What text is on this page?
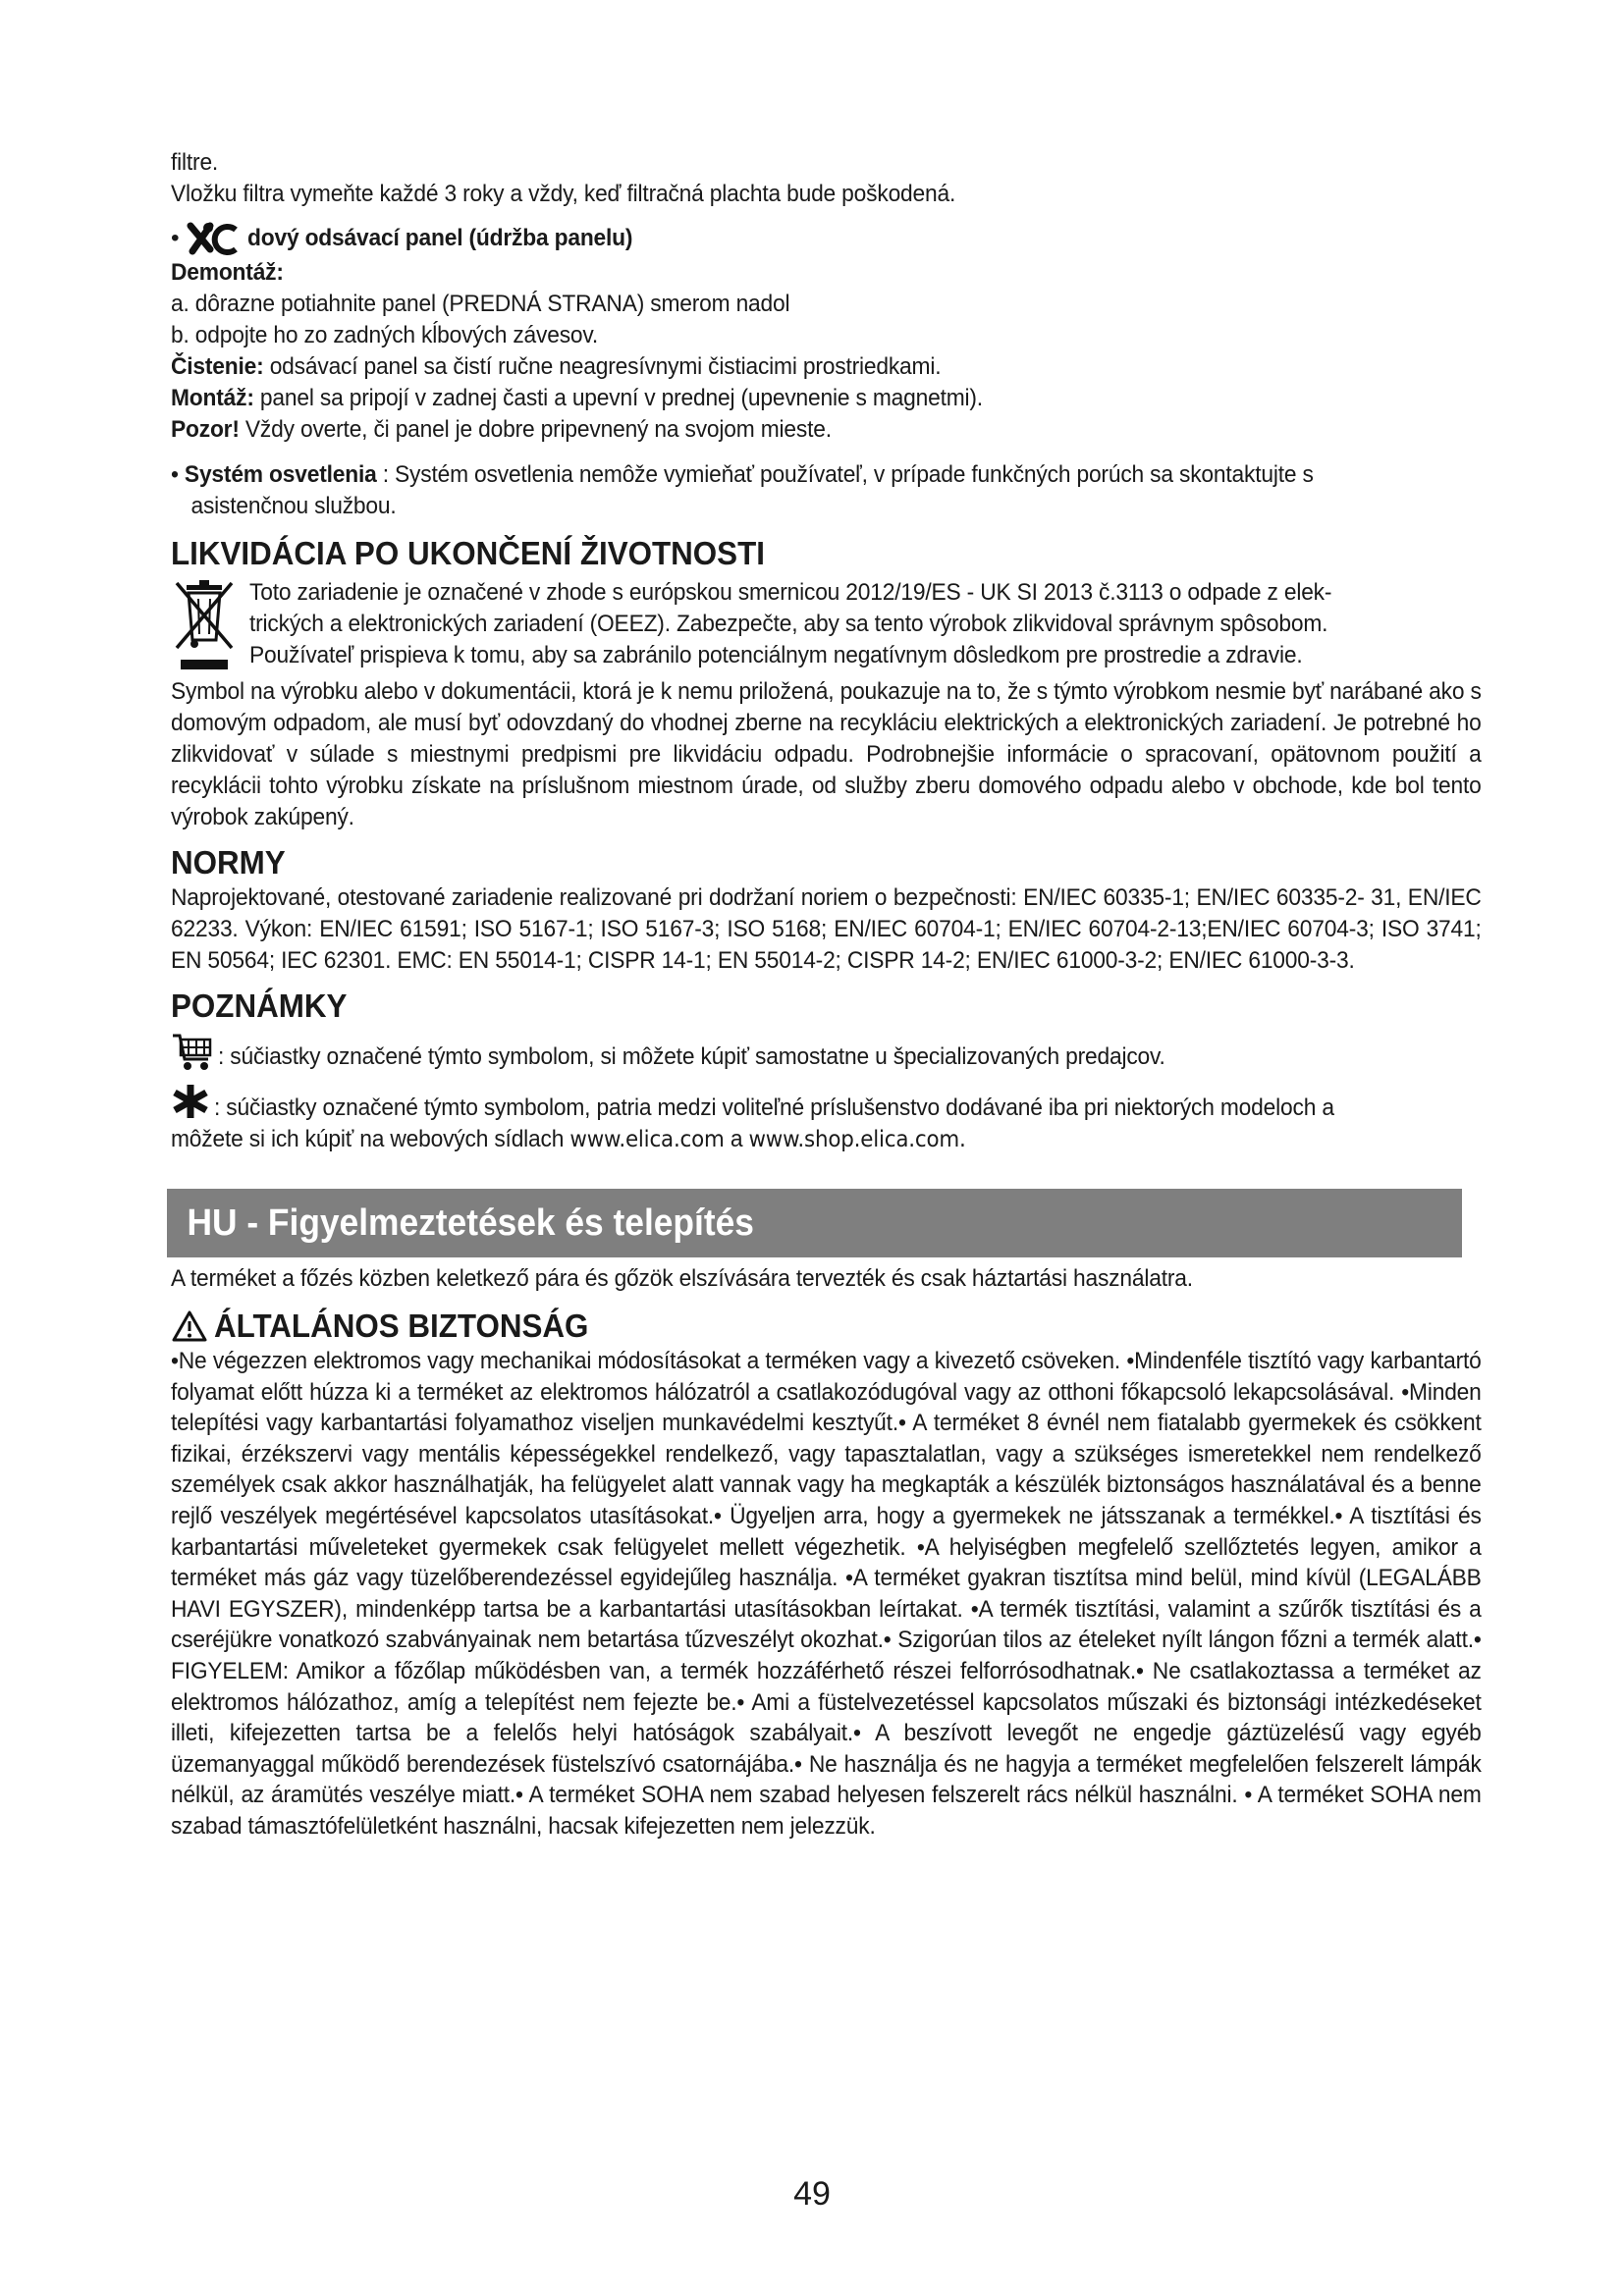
filtre.

Vložku filtra vymeňte každé 3 roky a vždy, keď filtračná plachta bude poškodená.

•	dový odsávací panel (údržba panelu)

Demontáž:

a. dôrazne potiahnite panel (PREDNÁ STRANA) smerom nadol

b. odpojte ho zo zadných kĺbových závesov.

Čistenie: odsávací panel sa čistí ručne neagresívnymi čistiacimi prostriedkami.

Montáž: panel sa pripojí v zadnej časti a upevní v prednej (upevnenie s magnetmi).

Pozor! Vždy overte, či panel je dobre pripevnený na svojom mieste.

• Systém osvetlenia : Systém osvetlenia nemôže vymieňať používateľ, v prípade funkčných porúch sa skontaktujte s

asistenčnou službou.

LIKVIDÁCIA PO UKONČENÍ ŽIVOTNOSTI

Toto zariadenie je označené v zhode s európskou smernicou 2012/19/ES - UK SI 2013 č.3113 o odpade z elek-

trických a elektronických zariadení (OEEZ). Zabezpečte, aby sa tento výrobok zlikvidoval správnym spôsobom.

Používateľ prispieva k tomu, aby sa zabránilo potenciálnym negatívnym dôsledkom pre prostredie a zdravie.

Symbol na výrobku alebo v dokumentácii, ktorá je k nemu priložená, poukazuje na to, že s týmto výrobkom nesmie byť narábané ako s domovým odpadom, ale musí byť odovzdaný do vhodnej zberne na recykláciu elektrických a elektronických zariadení. Je potrebné ho zlikvidovať v súlade s miestnymi predpismi pre likvidáciu odpadu. Podrobnejšie informácie o spracovaní, opätovnom použití a recyklácii tohto výrobku získate na príslušnom miestnom úrade, od služby zberu domového odpadu alebo v obchode, kde bol tento výrobok zakúpený.

NORMY

Naprojektované, otestované zariadenie realizované pri dodržaní noriem o bezpečnosti: EN/IEC 60335-1; EN/IEC 60335-2- 31, EN/IEC 62233. Výkon: EN/IEC 61591; ISO 5167-1; ISO 5167-3; ISO 5168; EN/IEC 60704-1; EN/IEC 60704-2-13;EN/IEC 60704-3; ISO 3741; EN 50564; IEC 62301. EMC: EN 55014-1; CISPR 14-1; EN 55014-2; CISPR 14-2; EN/IEC 61000-3-2; EN/IEC 61000-3-3.

POZNÁMKY

: súčiastky označené týmto symbolom, si môžete kúpiť samostatne u špecializovaných predajcov.

: súčiastky označené týmto symbolom, patria medzi voliteľné príslušenstvo dodávané iba pri niektorých modeloch a

môžete si ich kúpiť na webových sídlach www.elica.com a www.shop.elica.com.

HU - Figyelmeztetések és telepítés

A terméket a főzés közben keletkező pára és gőzök elszívására tervezték és csak háztartási használatra.

ÁLTALÁNOS BIZTONSÁG

•Ne végezzen elektromos vagy mechanikai módosításokat a terméken vagy a kivezető csöveken. •Mindenféle tisztító vagy karbantartó folyamat előtt húzza ki a terméket az elektromos hálózatról a csatlakozódugóval vagy az otthoni főkapcsoló lekapcsolásával. •Minden telepítési vagy karbantartási folyamathoz viseljen munkavédelmi kesztyűt.• A terméket 8 évnél nem fiatalabb gyermekek és csökkent fizikai, érzékszervi vagy mentális képességekkel rendelkező, vagy tapasztalatlan, vagy a szükséges ismeretekkel nem rendelkező személyek csak akkor használhatják, ha felügyelet alatt vannak vagy ha megkapták a készülék biztonságos használatával és a benne rejlő veszélyek megértésével kapcsolatos utasításokat.• Ügyeljen arra, hogy a gyermekek ne játsszanak a termékkel.• A tisztítási és karbantartási műveleteket gyermekek csak felügyelet mellett végezhetik. •A helyiségben megfelelő szellőztetés legyen, amikor a terméket más gáz vagy tüzelőberendezéssel egyidejűleg használja. •A terméket gyakran tisztítsa mind belül, mind kívül (LEGALÁBB HAVI EGYSZER), mindenképp tartsa be a karbantartási utasításokban leírtakat. •A termék tisztítási, valamint a szűrők tisztítási és a cseréjükre vonatkozó szabványainak nem betartása tűzveszélyt okozhat.• Szigorúan tilos az ételeket nyílt lángon főzni a termék alatt.• FIGYELEM: Amikor a főzőlap működésben van, a termék hozzáférhető részei felforrósodhatnak.• Ne csatlakoztassa a terméket az elektromos hálózathoz, amíg a telepítést nem fejezte be.• Ami a füstelvezetéssel kapcsolatos műszaki és biztonsági intézkedéseket illeti, kifejezetten tartsa be a felelős helyi hatóságok szabályait.• A beszívott levegőt ne engedje gáztüzelésű vagy egyéb üzemanyaggal működő berendezések füstelszívó csatornájába.• Ne használja és ne hagyja a terméket megfelelően felszerelt lámpák nélkül, az áramütés veszélye miatt.• A terméket SOHA nem szabad helyesen felszerelt rács nélkül használni. • A terméket SOHA nem szabad támasztófelületként használni, hacsak kifejezetten nem jelezzük.

49
